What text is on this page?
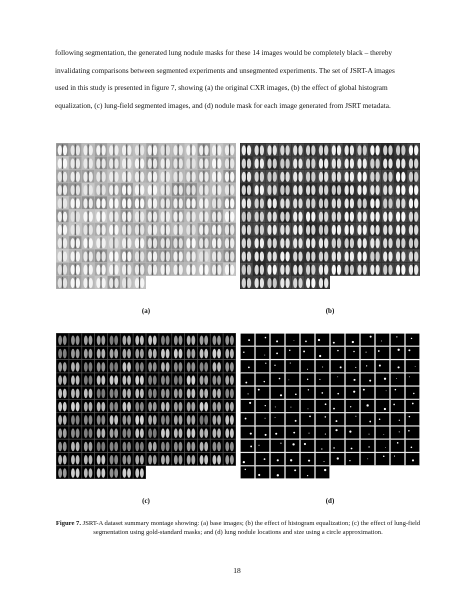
following segmentation, the generated lung nodule masks for these 14 images would be completely black – thereby
invalidating comparisons between segmented experiments and unsegmented experiments. The set of JSRT-A images
used in this study is presented in figure 7, showing (a) the original CXR images, (b) the effect of global histogram
equalization, (c) lung-field segmented images, and (d) nodule mask for each image generated from JSRT metadata.

(a)	(b)
(c)	(d)

Figure 7. JSRT-A dataset summary montage showing: (a) base images; (b) the effect of histogram equalization; (c) the effect of lung-field segmentation using gold-standard masks; and (d) lung nodule locations and size using a circle approximation.

18
